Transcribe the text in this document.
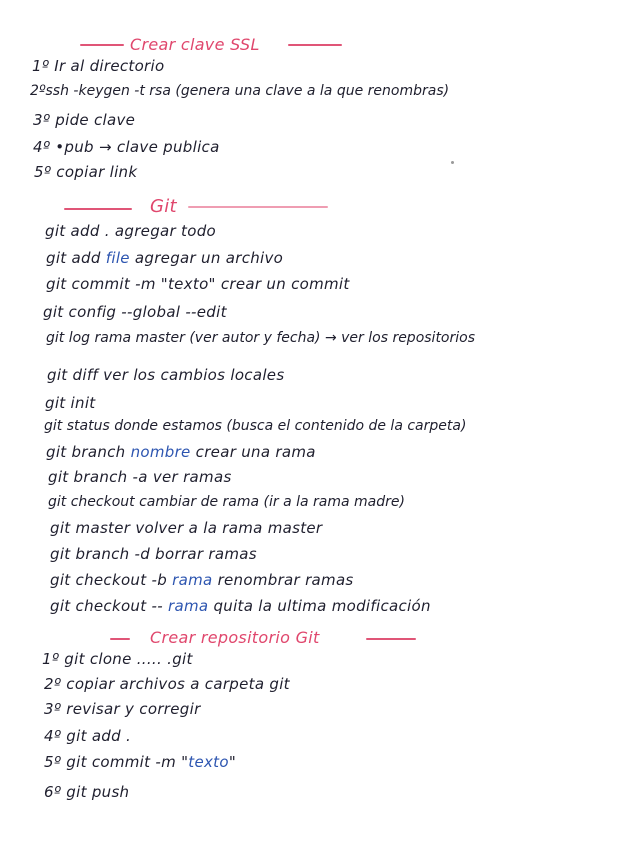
Crear clave SSL
1º Ir al directorio
2ºssh -keygen -t rsa (genera una clave a la que renombras)
3º pide clave
4º •pub → clave publica
5º copiar link
Git
git add . agregar todo
git add file agregar un archivo
git commit -m "texto" crear un commit
git config --global --edit
git log rama master (ver autor y fecha) → ver los repositorios
git diff ver los cambios locales
git init
git status donde estamos (busca el contenido de la carpeta)
git branch nombre crear una rama
git branch -a ver ramas
git checkout cambiar de rama (ir a la rama madre)
git master volver a la rama master
git branch -d borrar ramas
git checkout -b rama renombrar ramas
git checkout -- rama quita la ultima modificación
Crear repositorio Git
1º git clone ..... .git
2º copiar archivos a carpeta git
3º revisar y corregir
4º git add .
5º git commit -m "texto"
6º git push
